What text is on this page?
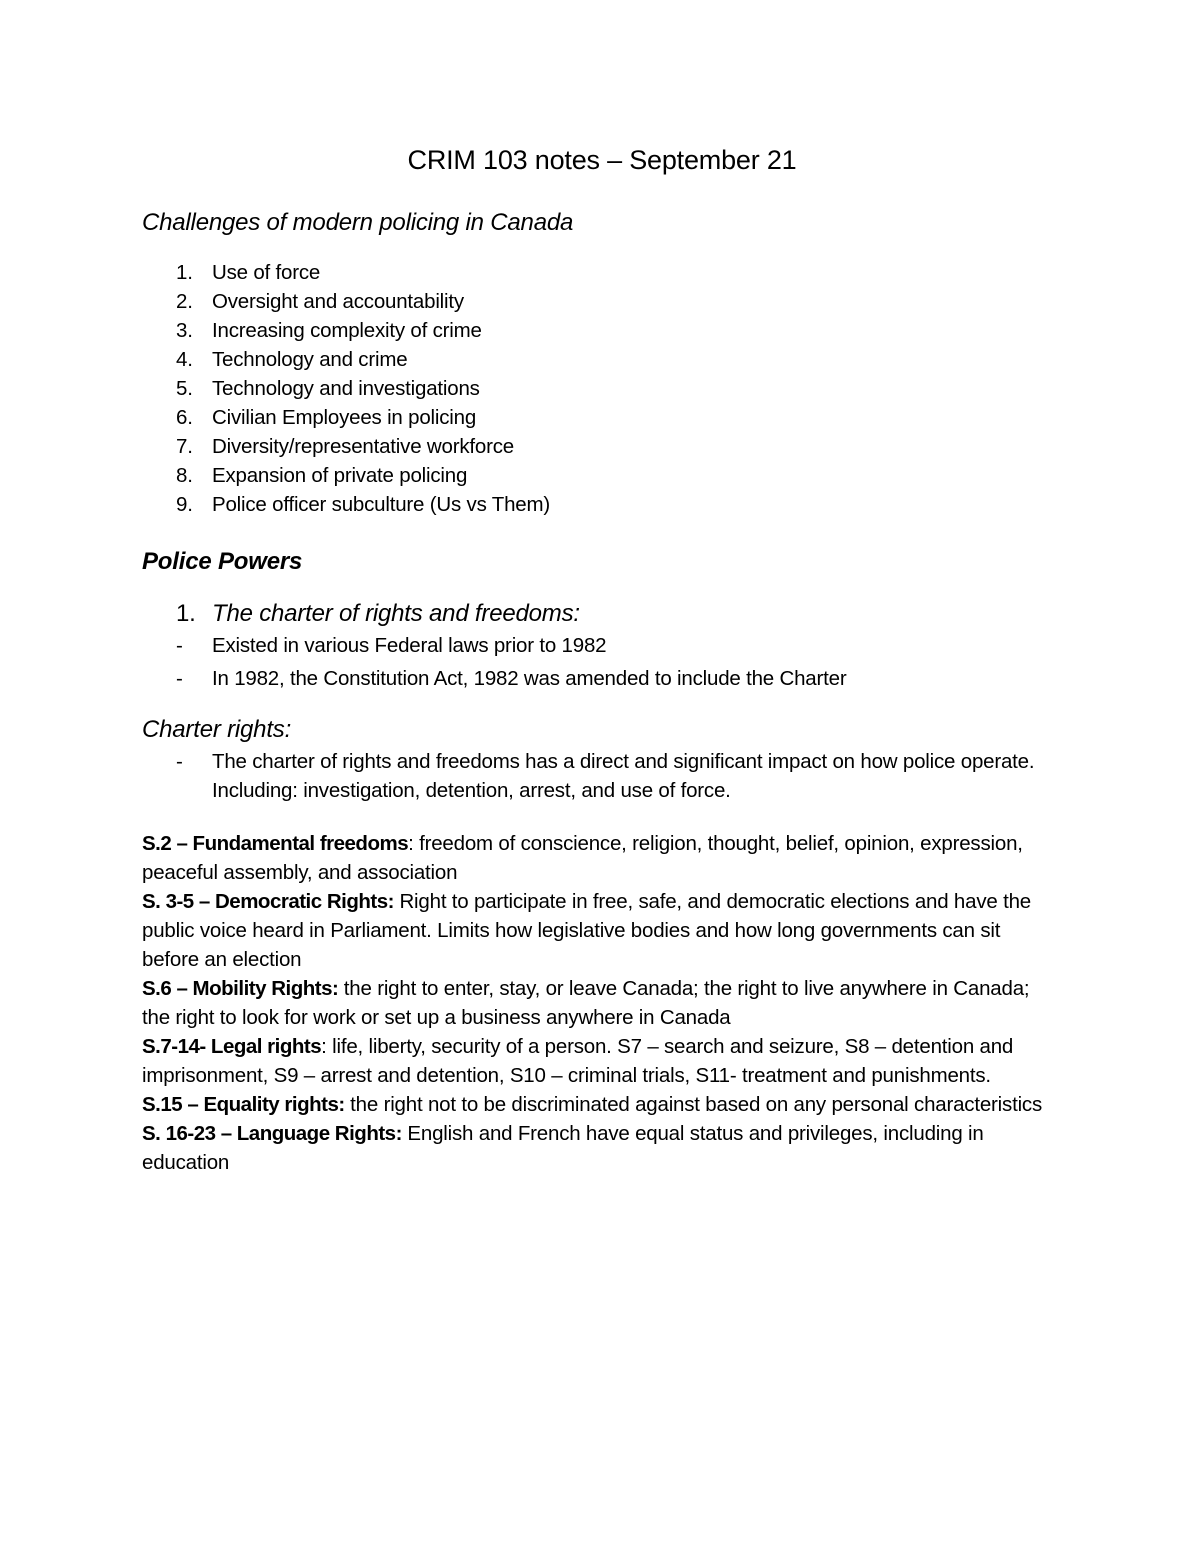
CRIM 103 notes – September 21
Challenges of modern policing in Canada
1. Use of force
2. Oversight and accountability
3. Increasing complexity of crime
4. Technology and crime
5. Technology and investigations
6. Civilian Employees in policing
7. Diversity/representative workforce
8. Expansion of private policing
9. Police officer subculture (Us vs Them)
Police Powers
1. The charter of rights and freedoms:
- Existed in various Federal laws prior to 1982
- In 1982, the Constitution Act, 1982 was amended to include the Charter
Charter rights:
- The charter of rights and freedoms has a direct and significant impact on how police operate. Including: investigation, detention, arrest, and use of force.

S.2 – Fundamental freedoms: freedom of conscience, religion, thought, belief, opinion, expression, peaceful assembly, and association

S. 3-5 – Democratic Rights: Right to participate in free, safe, and democratic elections and have the public voice heard in Parliament. Limits how legislative bodies and how long governments can sit before an election

S.6 – Mobility Rights: the right to enter, stay, or leave Canada; the right to live anywhere in Canada; the right to look for work or set up a business anywhere in Canada

S.7-14- Legal rights: life, liberty, security of a person. S7 – search and seizure, S8 – detention and imprisonment, S9 – arrest and detention, S10 – criminal trials, S11- treatment and punishments.

S.15 – Equality rights: the right not to be discriminated against based on any personal characteristics

S. 16-23 – Language Rights: English and French have equal status and privileges, including in education
